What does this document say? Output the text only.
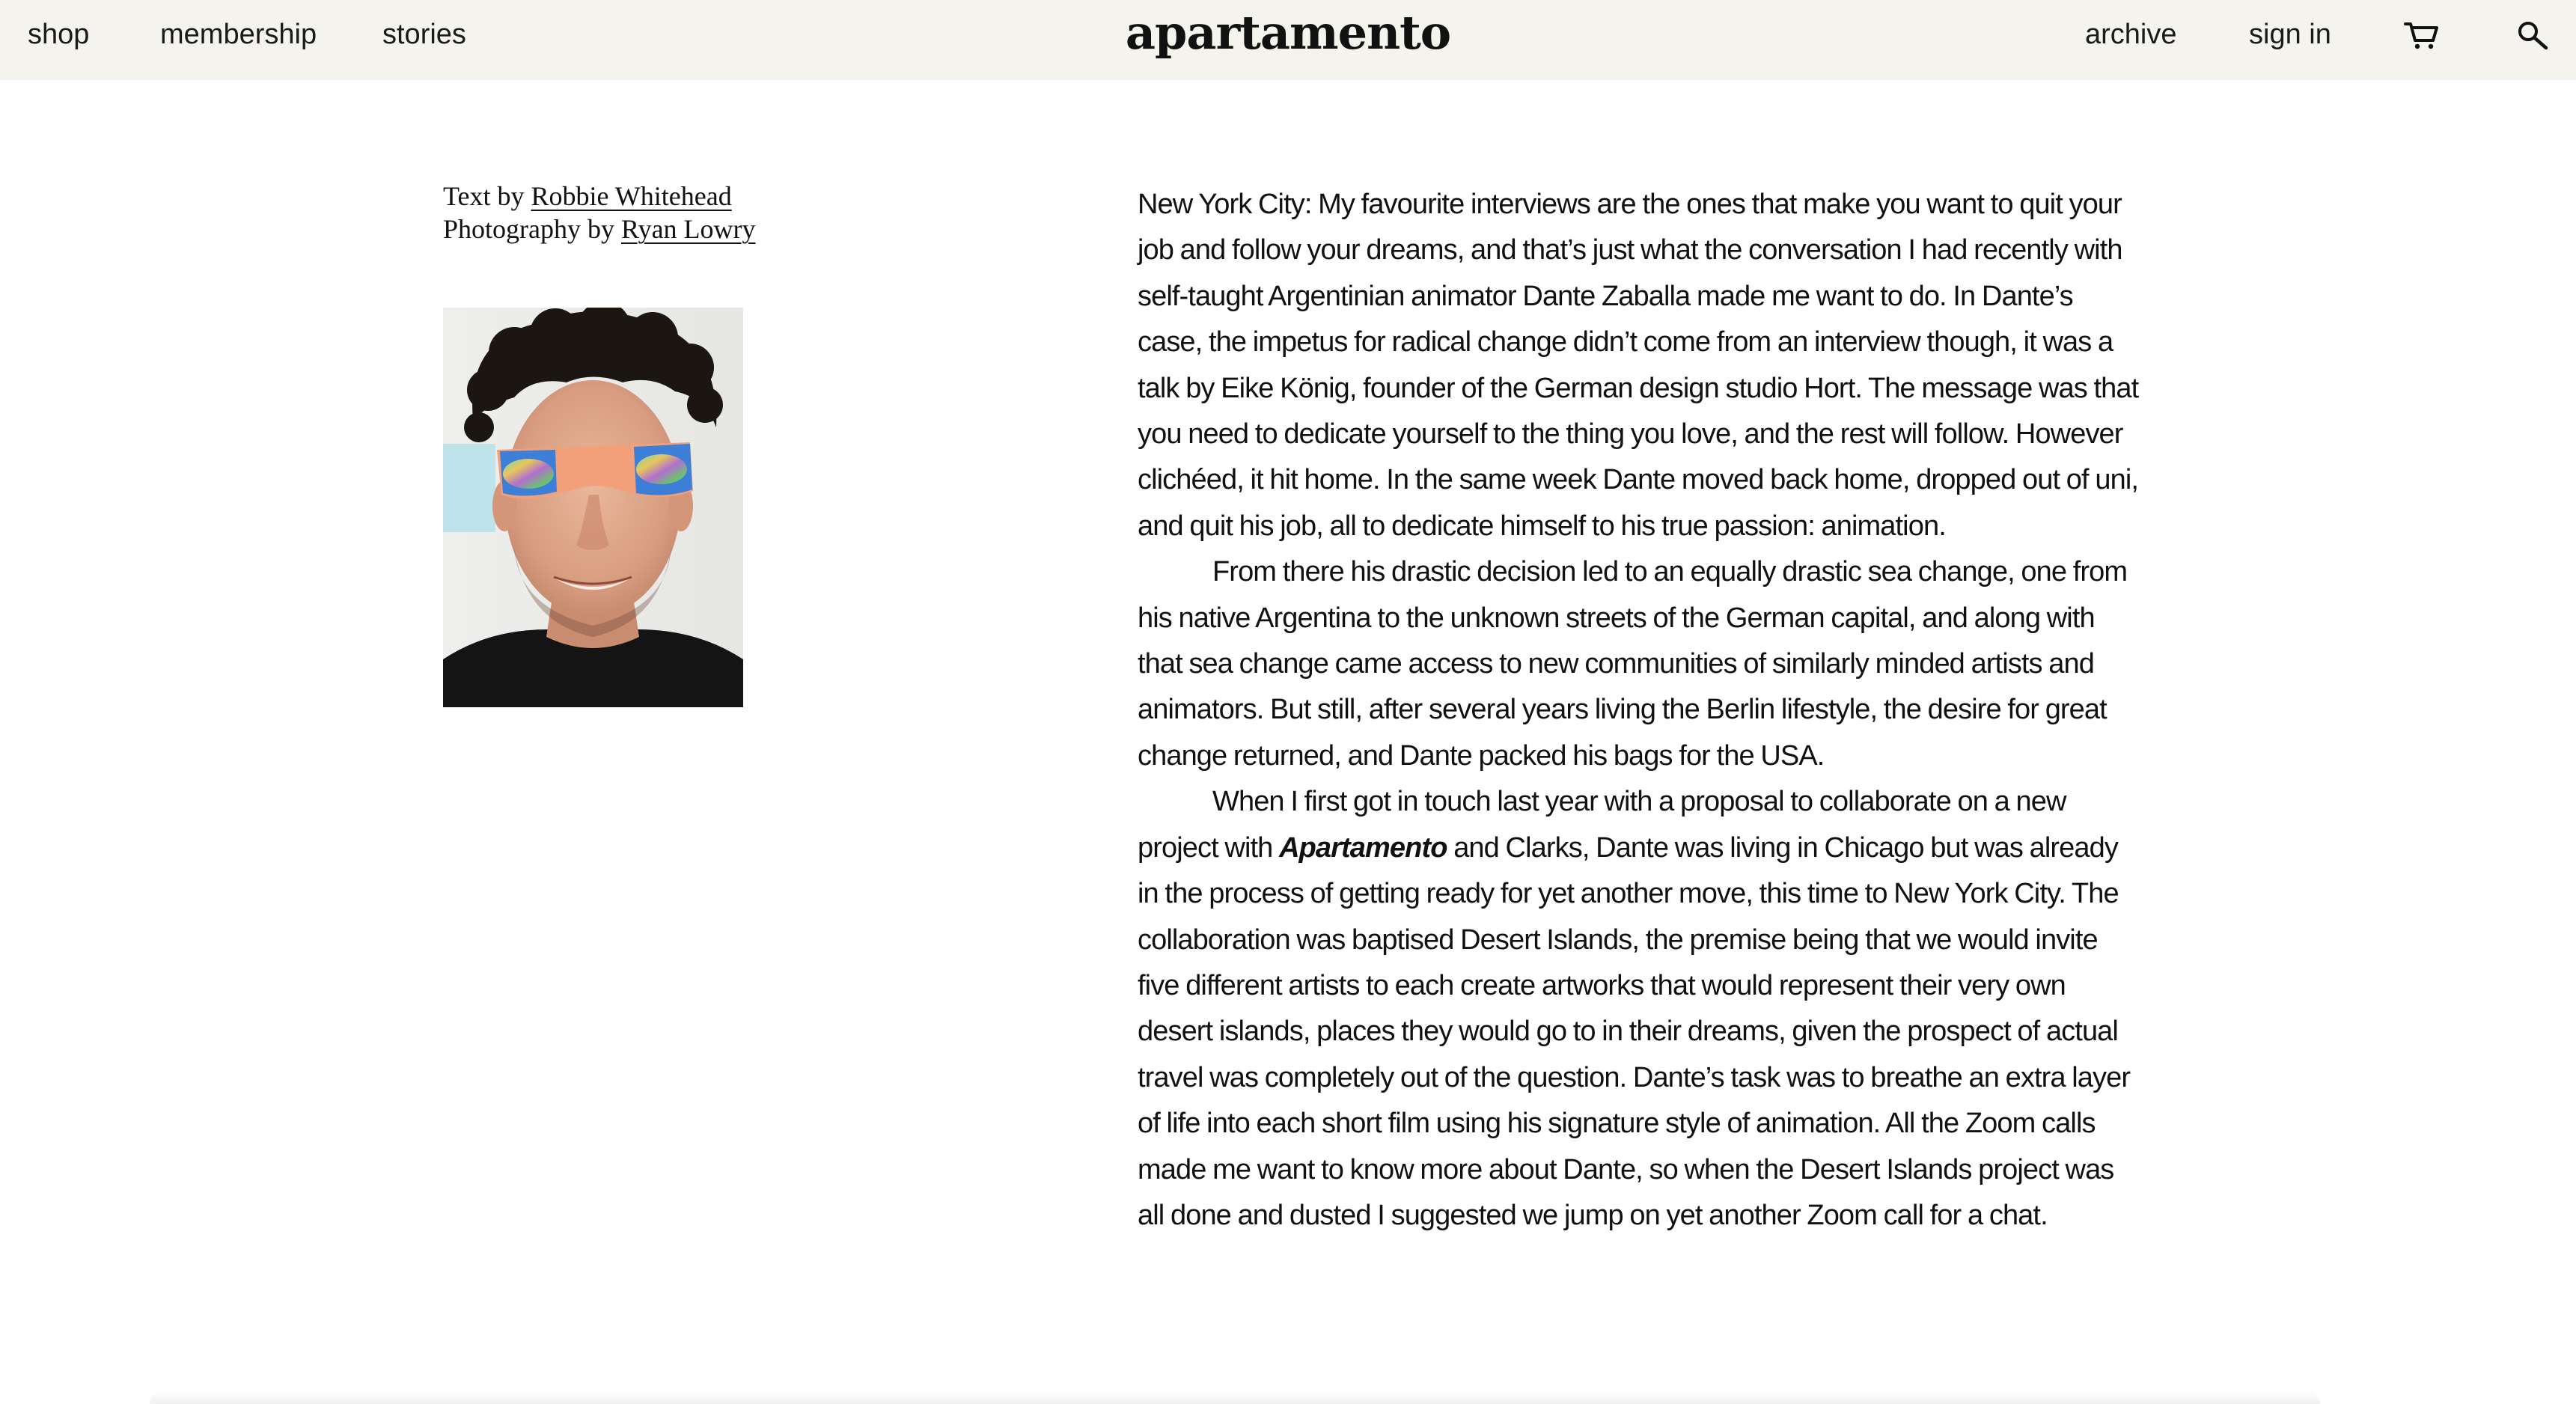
shop membership stories	apartamento	archive	sign in
Text by Robbie Whitehead
Photography by Ryan Lowry

New York City: My favourite interviews are the ones that make you want to quit your job and follow your dreams, and that’s just what the conversation I had recently with self-taught Argentinian animator Dante Zaballa made me want to do. In Dante’s case, the impetus for radical change didn’t come from an interview though, it was a talk by Eike König, founder of the German design studio Hort. The message was that you need to dedicate yourself to the thing you love, and the rest will follow. However clichéed, it hit home. In the same week Dante moved back home, dropped out of uni, and quit his job, all to dedicate himself to his true passion: animation.

From there his drastic decision led to an equally drastic sea change, one from his native Argentina to the unknown streets of the German capital, and along with that sea change came access to new communities of similarly minded artists and animators. But still, after several years living the Berlin lifestyle, the desire for great change returned, and Dante packed his bags for the USA.

When I first got in touch last year with a proposal to collaborate on a new project with Apartamento and Clarks, Dante was living in Chicago but was already in the process of getting ready for yet another move, this time to New York City. The collaboration was baptised Desert Islands, the premise being that we would invite five different artists to each create artworks that would represent their very own desert islands, places they would go to in their dreams, given the prospect of actual travel was completely out of the question. Dante’s task was to breathe an extra layer of life into each short film using his signature style of animation. All the Zoom calls made me want to know more about Dante, so when the Desert Islands project was all done and dusted I suggested we jump on yet another Zoom call for a chat.
